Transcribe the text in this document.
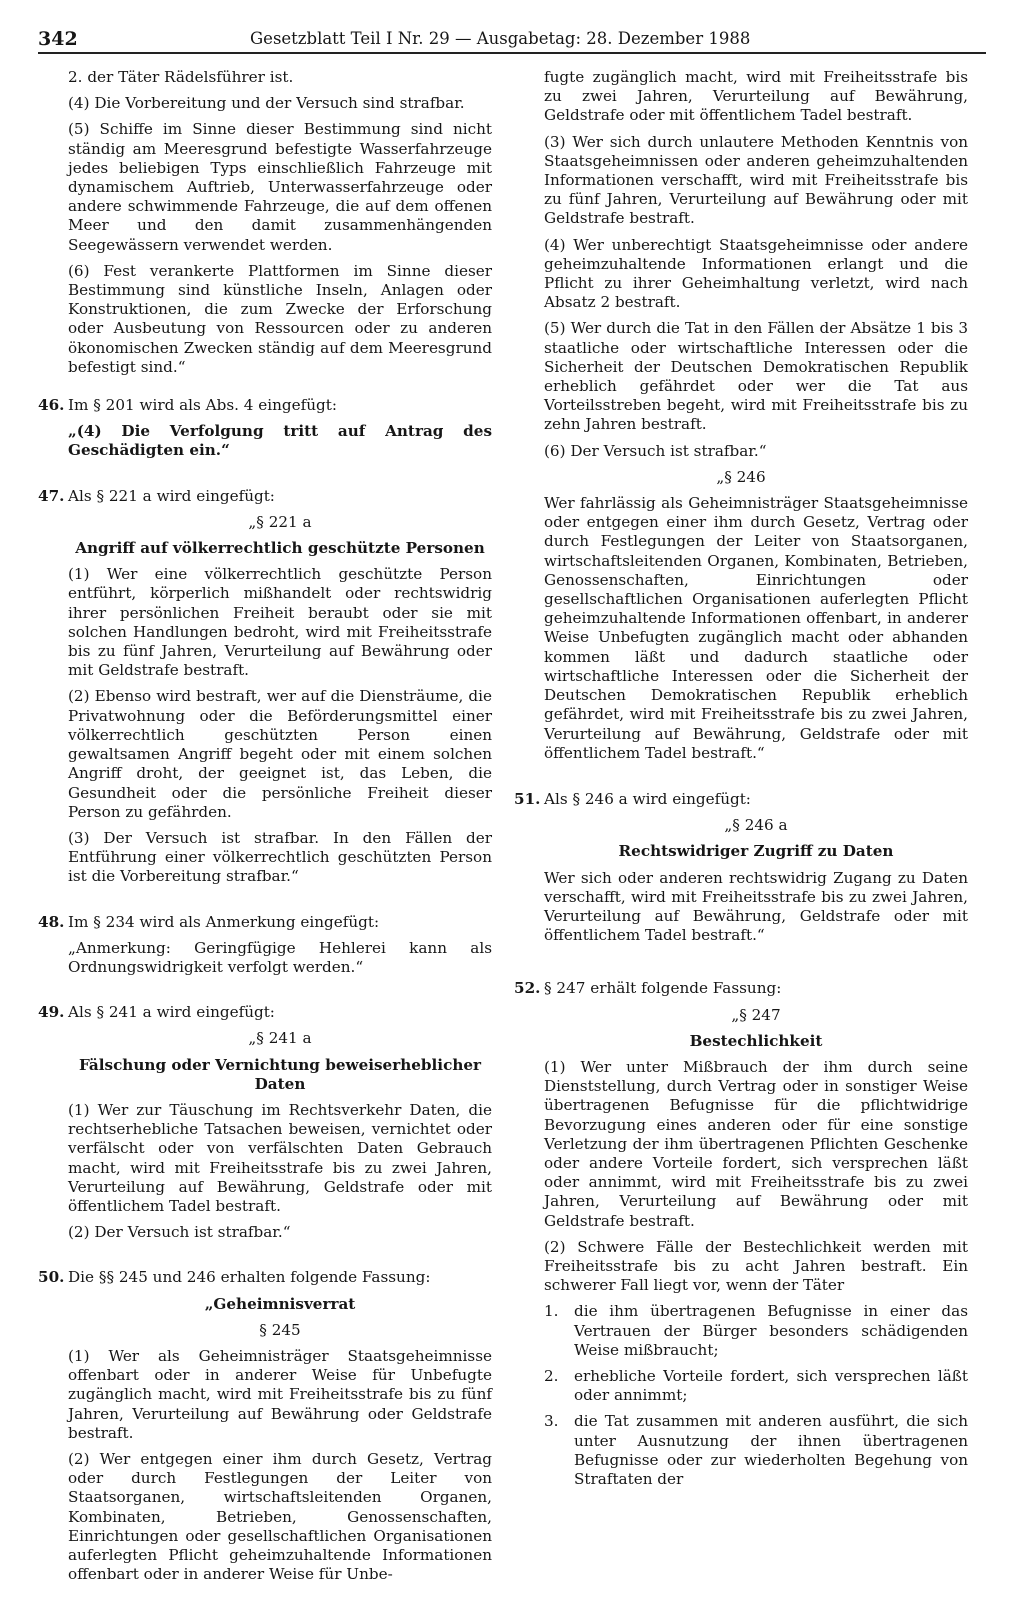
342	Gesetzblatt Teil I Nr. 29 — Ausgabetag: 28. Dezember 1988

2. der Täter Rädelsführer ist.

(4) Die Vorbereitung und der Versuch sind strafbar.

(5) Schiffe im Sinne dieser Bestimmung sind nicht ständig am Meeresgrund befestigte Wasserfahrzeuge jedes beliebigen Typs einschließlich Fahrzeuge mit dynamischem Auftrieb, Unterwasserfahrzeuge oder andere schwimmende Fahrzeuge, die auf dem offenen Meer und den damit zusammenhängenden Seegewässern verwendet werden.

(6) Fest verankerte Plattformen im Sinne dieser Bestimmung sind künstliche Inseln, Anlagen oder Konstruktionen, die zum Zwecke der Erforschung oder Ausbeutung von Ressourcen oder zu anderen ökonomischen Zwecken ständig auf dem Meeresgrund befestigt sind.“

46. Im § 201 wird als Abs. 4 eingefügt:

„(4) Die Verfolgung tritt auf Antrag des Geschädigten ein.“

47. Als § 221 a wird eingefügt:

„§ 221 a

Angriff auf völkerrechtlich geschützte Personen

(1) Wer eine völkerrechtlich geschützte Person entführt, körperlich mißhandelt oder rechtswidrig ihrer persönlichen Freiheit beraubt oder sie mit solchen Handlungen bedroht, wird mit Freiheitsstrafe bis zu fünf Jahren, Verurteilung auf Bewährung oder mit Geldstrafe bestraft.

(2) Ebenso wird bestraft, wer auf die Diensträume, die Privatwohnung oder die Beförderungsmittel einer völkerrechtlich geschützten Person einen gewaltsamen Angriff begeht oder mit einem solchen Angriff droht, der geeignet ist, das Leben, die Gesundheit oder die persönliche Freiheit dieser Person zu gefährden.

(3) Der Versuch ist strafbar. In den Fällen der Entführung einer völkerrechtlich geschützten Person ist die Vorbereitung strafbar.“

48. Im § 234 wird als Anmerkung eingefügt:

„Anmerkung: Geringfügige Hehlerei kann als Ordnungswidrigkeit verfolgt werden.“

49. Als § 241 a wird eingefügt:

„§ 241 a

Fälschung oder Vernichtung beweiserheblicher Daten

(1) Wer zur Täuschung im Rechtsverkehr Daten, die rechtserhebliche Tatsachen beweisen, vernichtet oder verfälscht oder von verfälschten Daten Gebrauch macht, wird mit Freiheitsstrafe bis zu zwei Jahren, Verurteilung auf Bewährung, Geldstrafe oder mit öffentlichem Tadel bestraft.

(2) Der Versuch ist strafbar.“

50. Die §§ 245 und 246 erhalten folgende Fassung:

„Geheimnisverrat

§ 245

(1) Wer als Geheimnisträger Staatsgeheimnisse offenbart oder in anderer Weise für Unbefugte zugänglich macht, wird mit Freiheitsstrafe bis zu fünf Jahren, Verurteilung auf Bewährung oder Geldstrafe bestraft.

(2) Wer entgegen einer ihm durch Gesetz, Vertrag oder durch Festlegungen der Leiter von Staatsorganen, wirtschaftsleitenden Organen, Kombinaten, Betrieben, Genossenschaften, Einrichtungen oder gesellschaftlichen Organisationen auferlegten Pflicht geheimzuhaltende Informationen offenbart oder in anderer Weise für Unbe-

fugte zugänglich macht, wird mit Freiheitsstrafe bis zu zwei Jahren, Verurteilung auf Bewährung, Geldstrafe oder mit öffentlichem Tadel bestraft.

(3) Wer sich durch unlautere Methoden Kenntnis von Staatsgeheimnissen oder anderen geheimzuhaltenden Informationen verschafft, wird mit Freiheitsstrafe bis zu fünf Jahren, Verurteilung auf Bewährung oder mit Geldstrafe bestraft.

(4) Wer unberechtigt Staatsgeheimnisse oder andere geheimzuhaltende Informationen erlangt und die Pflicht zu ihrer Geheimhaltung verletzt, wird nach Absatz 2 bestraft.

(5) Wer durch die Tat in den Fällen der Absätze 1 bis 3 staatliche oder wirtschaftliche Interessen oder die Sicherheit der Deutschen Demokratischen Republik erheblich gefährdet oder wer die Tat aus Vorteilsstreben begeht, wird mit Freiheitsstrafe bis zu zehn Jahren bestraft.

(6) Der Versuch ist strafbar.“

„§ 246

Wer fahrlässig als Geheimnisträger Staatsgeheimnisse oder entgegen einer ihm durch Gesetz, Vertrag oder durch Festlegungen der Leiter von Staatsorganen, wirtschaftsleitenden Organen, Kombinaten, Betrieben, Genossenschaften, Einrichtungen oder gesellschaftlichen Organisationen auferlegten Pflicht geheimzuhaltende Informationen offenbart, in anderer Weise Unbefugten zugänglich macht oder abhanden kommen läßt und dadurch staatliche oder wirtschaftliche Interessen oder die Sicherheit der Deutschen Demokratischen Republik erheblich gefährdet, wird mit Freiheitsstrafe bis zu zwei Jahren, Verurteilung auf Bewährung, Geldstrafe oder mit öffentlichem Tadel bestraft.“

51. Als § 246 a wird eingefügt:

„§ 246 a

Rechtswidriger Zugriff zu Daten

Wer sich oder anderen rechtswidrig Zugang zu Daten verschafft, wird mit Freiheitsstrafe bis zu zwei Jahren, Verurteilung auf Bewährung, Geldstrafe oder mit öffentlichem Tadel bestraft.“

52. § 247 erhält folgende Fassung:

„§ 247

Bestechlichkeit

(1) Wer unter Mißbrauch der ihm durch seine Dienststellung, durch Vertrag oder in sonstiger Weise übertragenen Befugnisse für die pflichtwidrige Bevorzugung eines anderen oder für eine sonstige Verletzung der ihm übertragenen Pflichten Geschenke oder andere Vorteile fordert, sich versprechen läßt oder annimmt, wird mit Freiheitsstrafe bis zu zwei Jahren, Verurteilung auf Bewährung oder mit Geldstrafe bestraft.

(2) Schwere Fälle der Bestechlichkeit werden mit Freiheitsstrafe bis zu acht Jahren bestraft. Ein schwerer Fall liegt vor, wenn der Täter

1.	die ihm übertragenen Befugnisse in einer das Vertrauen der Bürger besonders schädigenden Weise mißbraucht;
2.	erhebliche Vorteile fordert, sich versprechen läßt oder annimmt;
3.	die Tat zusammen mit anderen ausführt, die sich unter Ausnutzung der ihnen übertragenen Befugnisse oder zur wiederholten Begehung von Straftaten der
